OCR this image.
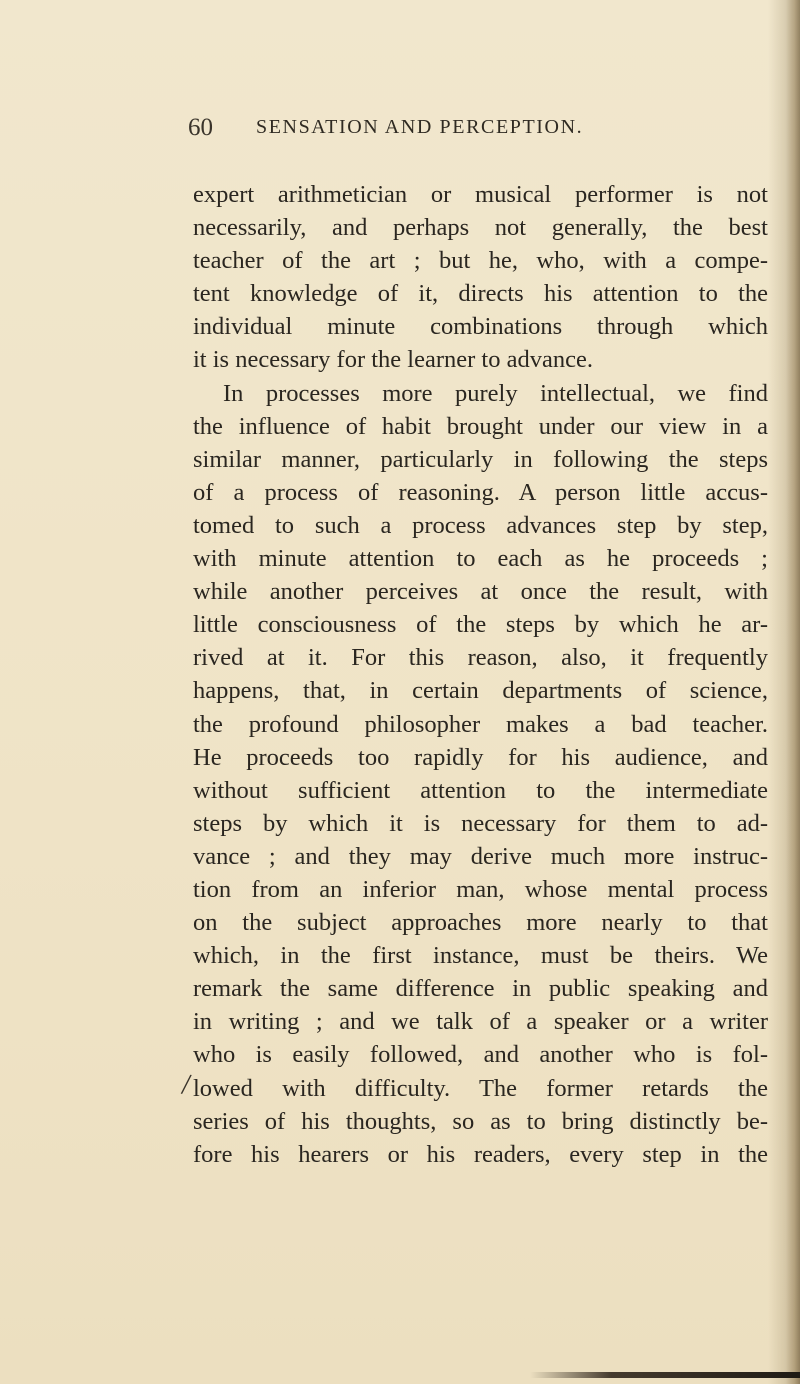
60 SENSATION AND PERCEPTION.
expert arithmetician or musical performer is not
necessarily, and perhaps not generally, the best
teacher of the art ; but he, who, with a compe-
tent knowledge of it, directs his attention to the
individual minute combinations through which
it is necessary for the learner to advance.
In processes more purely intellectual, we find
the influence of habit brought under our view in a
similar manner, particularly in following the steps
of a process of reasoning. A person little accus-
tomed to such a process advances step by step,
with minute attention to each as he proceeds ;
while another perceives at once the result, with
little consciousness of the steps by which he ar-
rived at it. For this reason, also, it frequently
happens, that, in certain departments of science,
the profound philosopher makes a bad teacher.
He proceeds too rapidly for his audience, and
without sufficient attention to the intermediate
steps by which it is necessary for them to ad-
vance ; and they may derive much more instruc-
tion from an inferior man, whose mental process
on the subject approaches more nearly to that
which, in the first instance, must be theirs. We
remark the same difference in public speaking and
in writing ; and we talk of a speaker or a writer
who is easily followed, and another who is fol-
lowed with difficulty. The former retards the
series of his thoughts, so as to bring distinctly be-
fore his hearers or his readers, every step in the
/
